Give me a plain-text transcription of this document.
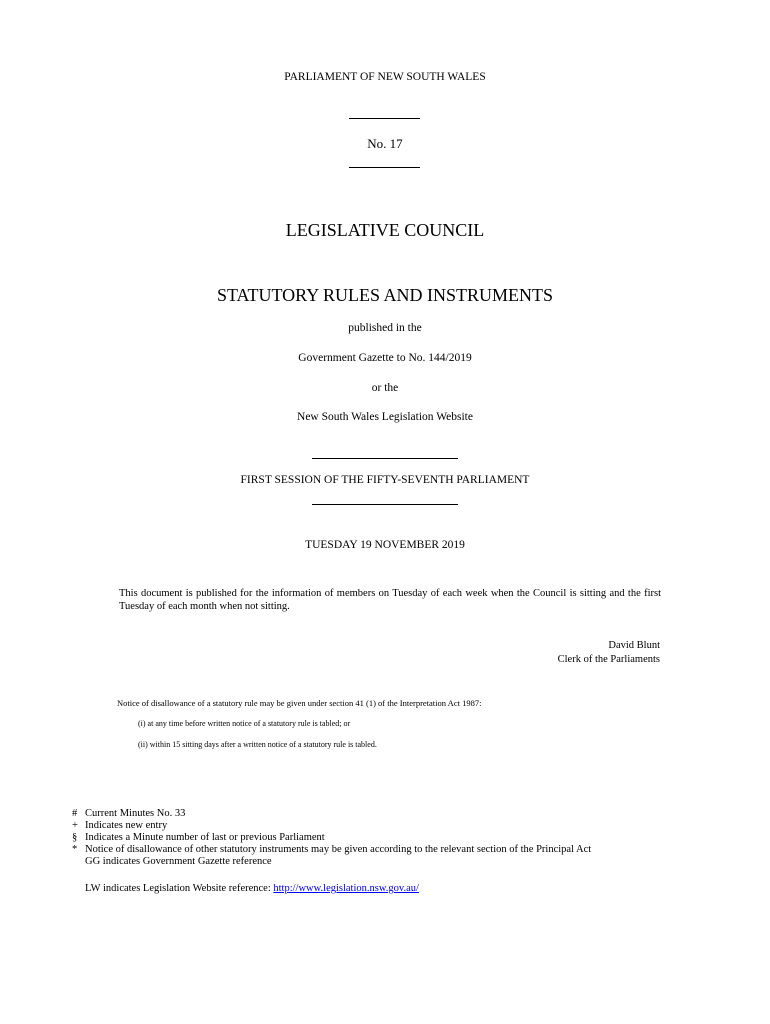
PARLIAMENT OF NEW SOUTH WALES
No. 17
LEGISLATIVE COUNCIL
STATUTORY RULES AND INSTRUMENTS
published in the
Government Gazette to No. 144/2019
or the
New South Wales Legislation Website
FIRST SESSION OF THE FIFTY-SEVENTH PARLIAMENT
TUESDAY 19 NOVEMBER 2019
This document is published for the information of members on Tuesday of each week when the Council is sitting and the first Tuesday of each month when not sitting.
David Blunt
Clerk of the Parliaments
Notice of disallowance of a statutory rule may be given under section 41 (1) of the Interpretation Act 1987:
(i) at any time before written notice of a statutory rule is tabled; or
(ii) within 15 sitting days after a written notice of a statutory rule is tabled.
# Current Minutes No. 33
+ Indicates new entry
§ Indicates a Minute number of last or previous Parliament
* Notice of disallowance of other statutory instruments may be given according to the relevant section of the Principal Act
GG indicates Government Gazette reference
LW indicates Legislation Website reference: http://www.legislation.nsw.gov.au/
